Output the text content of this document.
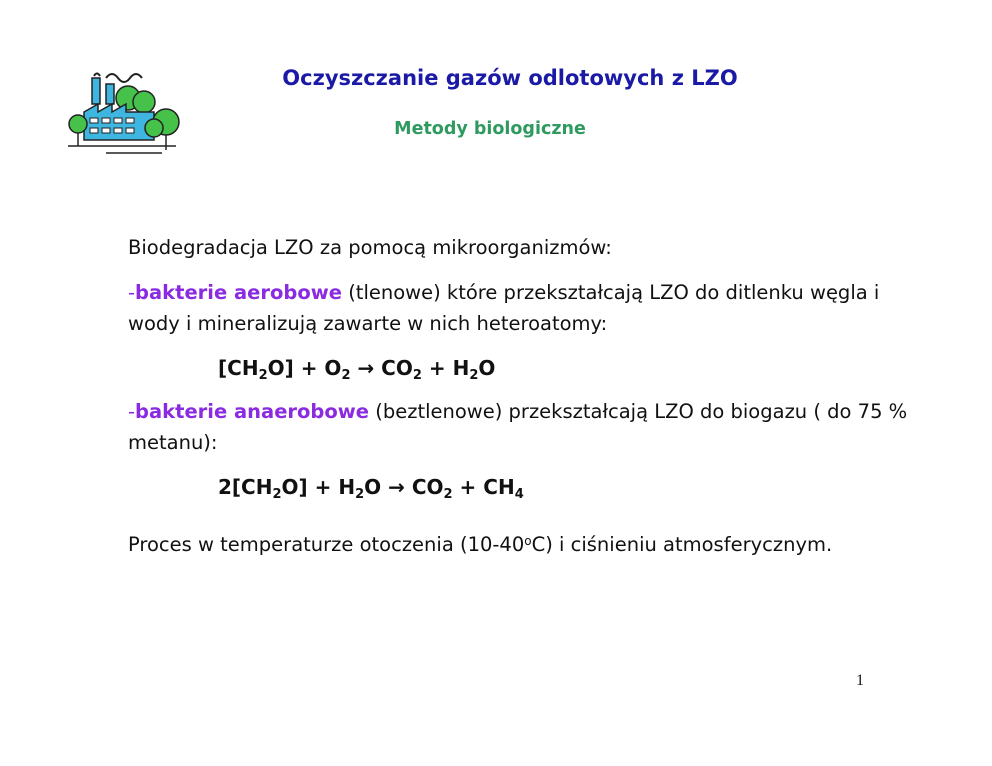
Oczyszczanie gazów odlotowych z LZO
Metody biologiczne

Biodegradacja LZO za pomocą mikroorganizmów:

-bakterie aerobowe (tlenowe) które przekształcają LZO do ditlenku węgla i wody i mineralizują zawarte w nich heteroatomy:

$[CH_2O] + O_2 \to CO_2 + H_2O$

-bakterie anaerobowe (beztlenowe) przekształcają LZO do biogazu ( do 75 % metanu):

$2[CH_2O] + H_2O \to CO_2 + CH_4$

Proces w temperaturze otoczenia (10-40$^o$C) i ciśnieniu atmosferycznym.

1
